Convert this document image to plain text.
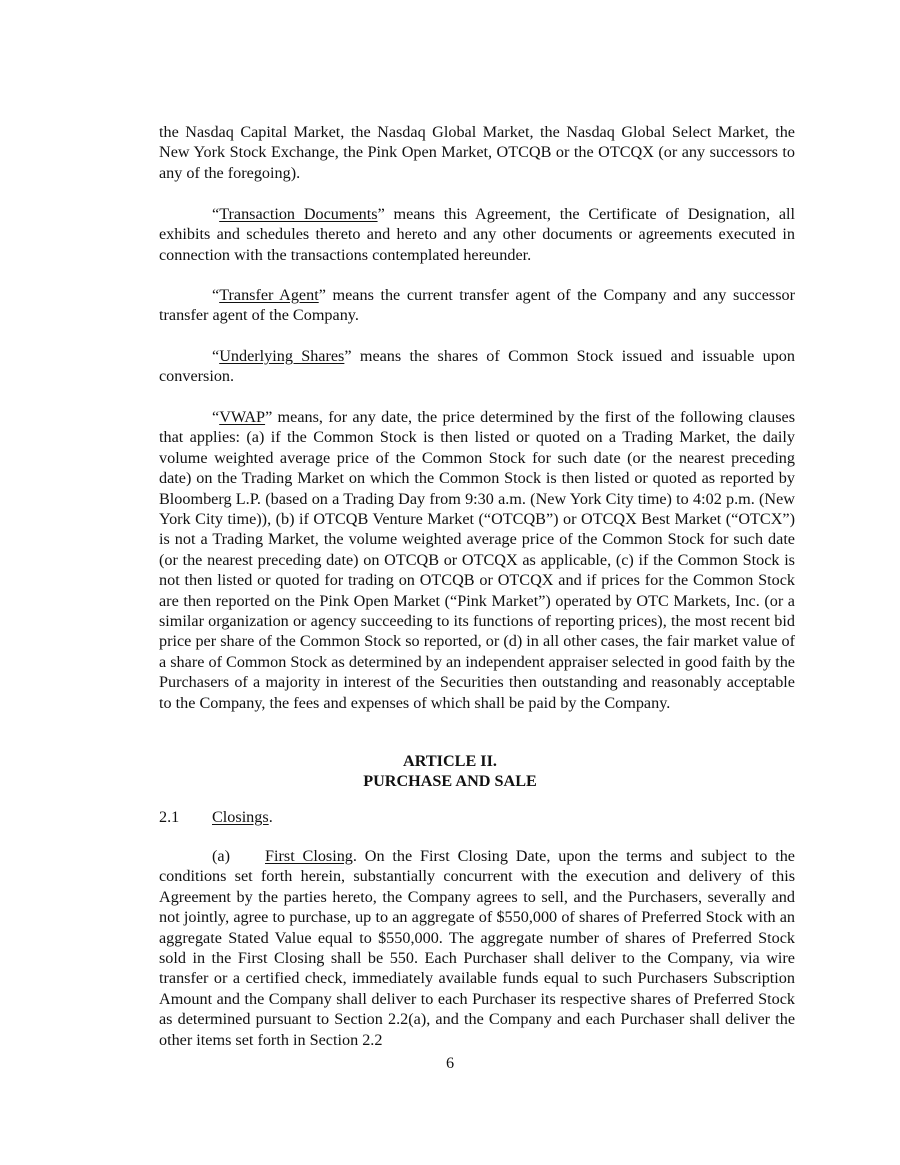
the Nasdaq Capital Market, the Nasdaq Global Market, the Nasdaq Global Select Market, the New York Stock Exchange, the Pink Open Market, OTCQB or the OTCQX (or any successors to any of the foregoing).

“Transaction Documents” means this Agreement, the Certificate of Designation, all exhibits and schedules thereto and hereto and any other documents or agreements executed in connection with the transactions contemplated hereunder.

“Transfer Agent” means the current transfer agent of the Company and any successor transfer agent of the Company.

“Underlying Shares” means the shares of Common Stock issued and issuable upon conversion.

“VWAP” means, for any date, the price determined by the first of the following clauses that applies: (a) if the Common Stock is then listed or quoted on a Trading Market, the daily volume weighted average price of the Common Stock for such date (or the nearest preceding date) on the Trading Market on which the Common Stock is then listed or quoted as reported by Bloomberg L.P. (based on a Trading Day from 9:30 a.m. (New York City time) to 4:02 p.m. (New York City time)), (b) if OTCQB Venture Market (“OTCQB”) or OTCQX Best Market (“OTCX”) is not a Trading Market, the volume weighted average price of the Common Stock for such date (or the nearest preceding date) on OTCQB or OTCQX as applicable, (c) if the Common Stock is not then listed or quoted for trading on OTCQB or OTCQX and if prices for the Common Stock are then reported on the Pink Open Market (“Pink Market”) operated by OTC Markets, Inc. (or a similar organization or agency succeeding to its functions of reporting prices), the most recent bid price per share of the Common Stock so reported, or (d) in all other cases, the fair market value of a share of Common Stock as determined by an independent appraiser selected in good faith by the Purchasers of a majority in interest of the Securities then outstanding and reasonably acceptable to the Company, the fees and expenses of which shall be paid by the Company.

ARTICLE II.

PURCHASE AND SALE

2.1 Closings.

(a) First Closing. On the First Closing Date, upon the terms and subject to the conditions set forth herein, substantially concurrent with the execution and delivery of this Agreement by the parties hereto, the Company agrees to sell, and the Purchasers, severally and not jointly, agree to purchase, up to an aggregate of $550,000 of shares of Preferred Stock with an aggregate Stated Value equal to $550,000. The aggregate number of shares of Preferred Stock sold in the First Closing shall be 550. Each Purchaser shall deliver to the Company, via wire transfer or a certified check, immediately available funds equal to such Purchasers Subscription Amount and the Company shall deliver to each Purchaser its respective shares of Preferred Stock as determined pursuant to Section 2.2(a), and the Company and each Purchaser shall deliver the other items set forth in Section 2.2

6
